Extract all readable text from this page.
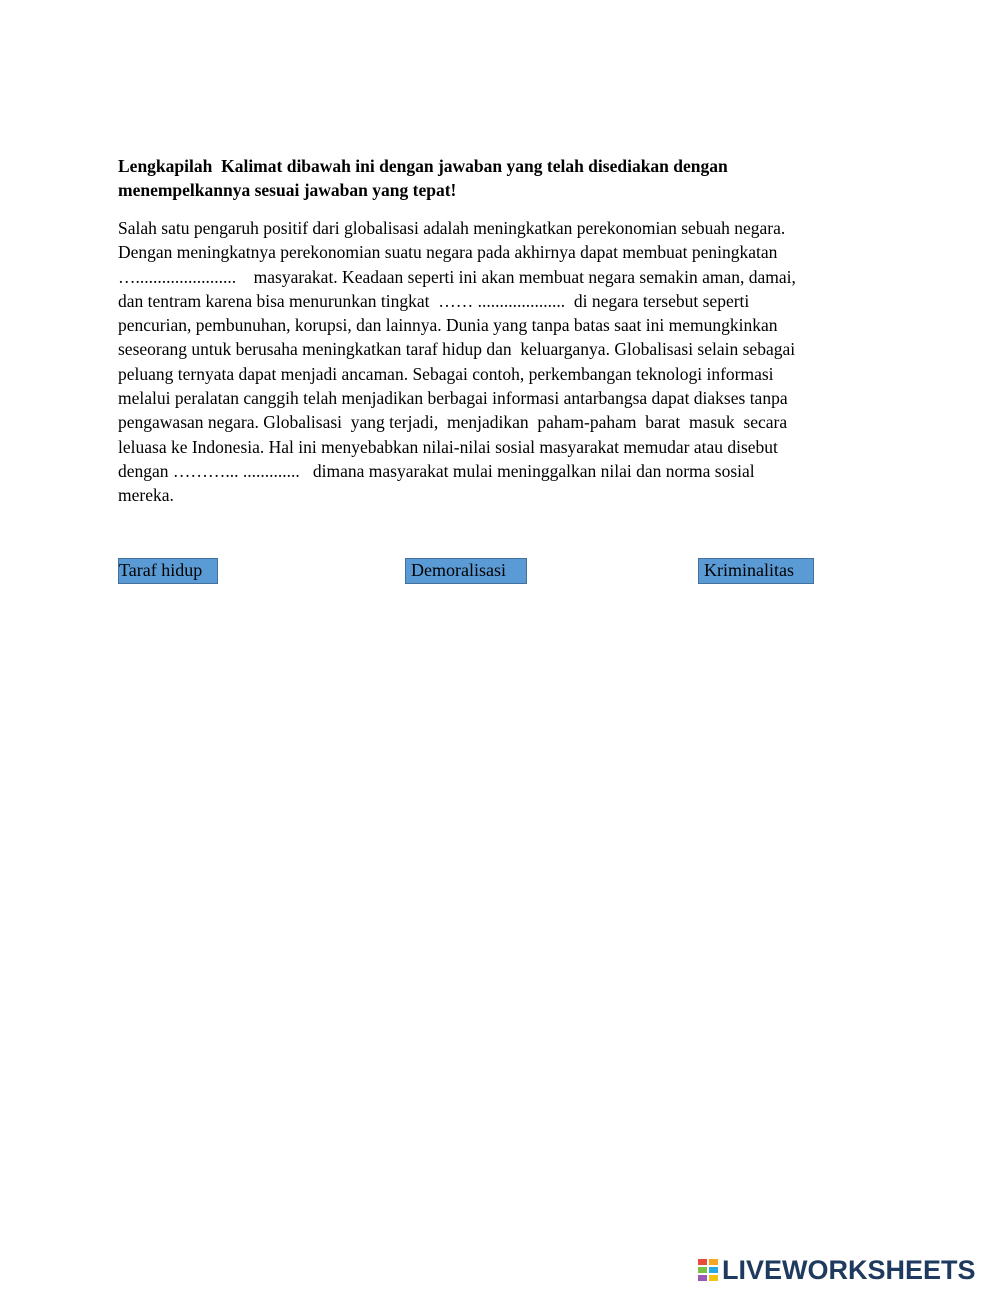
Lengkapilah  Kalimat dibawah ini dengan jawaban yang telah disediakan dengan
menempelkannya sesuai jawaban yang tepat!
Salah satu pengaruh positif dari globalisasi adalah meningkatkan perekonomian sebuah negara.
Dengan meningkatnya perekonomian suatu negara pada akhirnya dapat membuat peningkatan
….......................    masyarakat. Keadaan seperti ini akan membuat negara semakin aman, damai,
dan tentram karena bisa menurunkan tingkat  …… ....................  di negara tersebut seperti
pencurian, pembunuhan, korupsi, dan lainnya. Dunia yang tanpa batas saat ini memungkinkan
seseorang untuk berusaha meningkatkan taraf hidup dan  keluarganya. Globalisasi selain sebagai
peluang ternyata dapat menjadi ancaman. Sebagai contoh, perkembangan teknologi informasi
melalui peralatan canggih telah menjadikan berbagai informasi antarbangsa dapat diakses tanpa
pengawasan negara. Globalisasi  yang terjadi,  menjadikan  paham-paham  barat  masuk  secara
leluasa ke Indonesia. Hal ini menyebabkan nilai-nilai sosial masyarakat memudar atau disebut
dengan ………... .............   dimana masyarakat mulai meninggalkan nilai dan norma sosial
mereka.
Taraf hidup	Demoralisasi	Kriminalitas
LIVEWORKSHEETS
